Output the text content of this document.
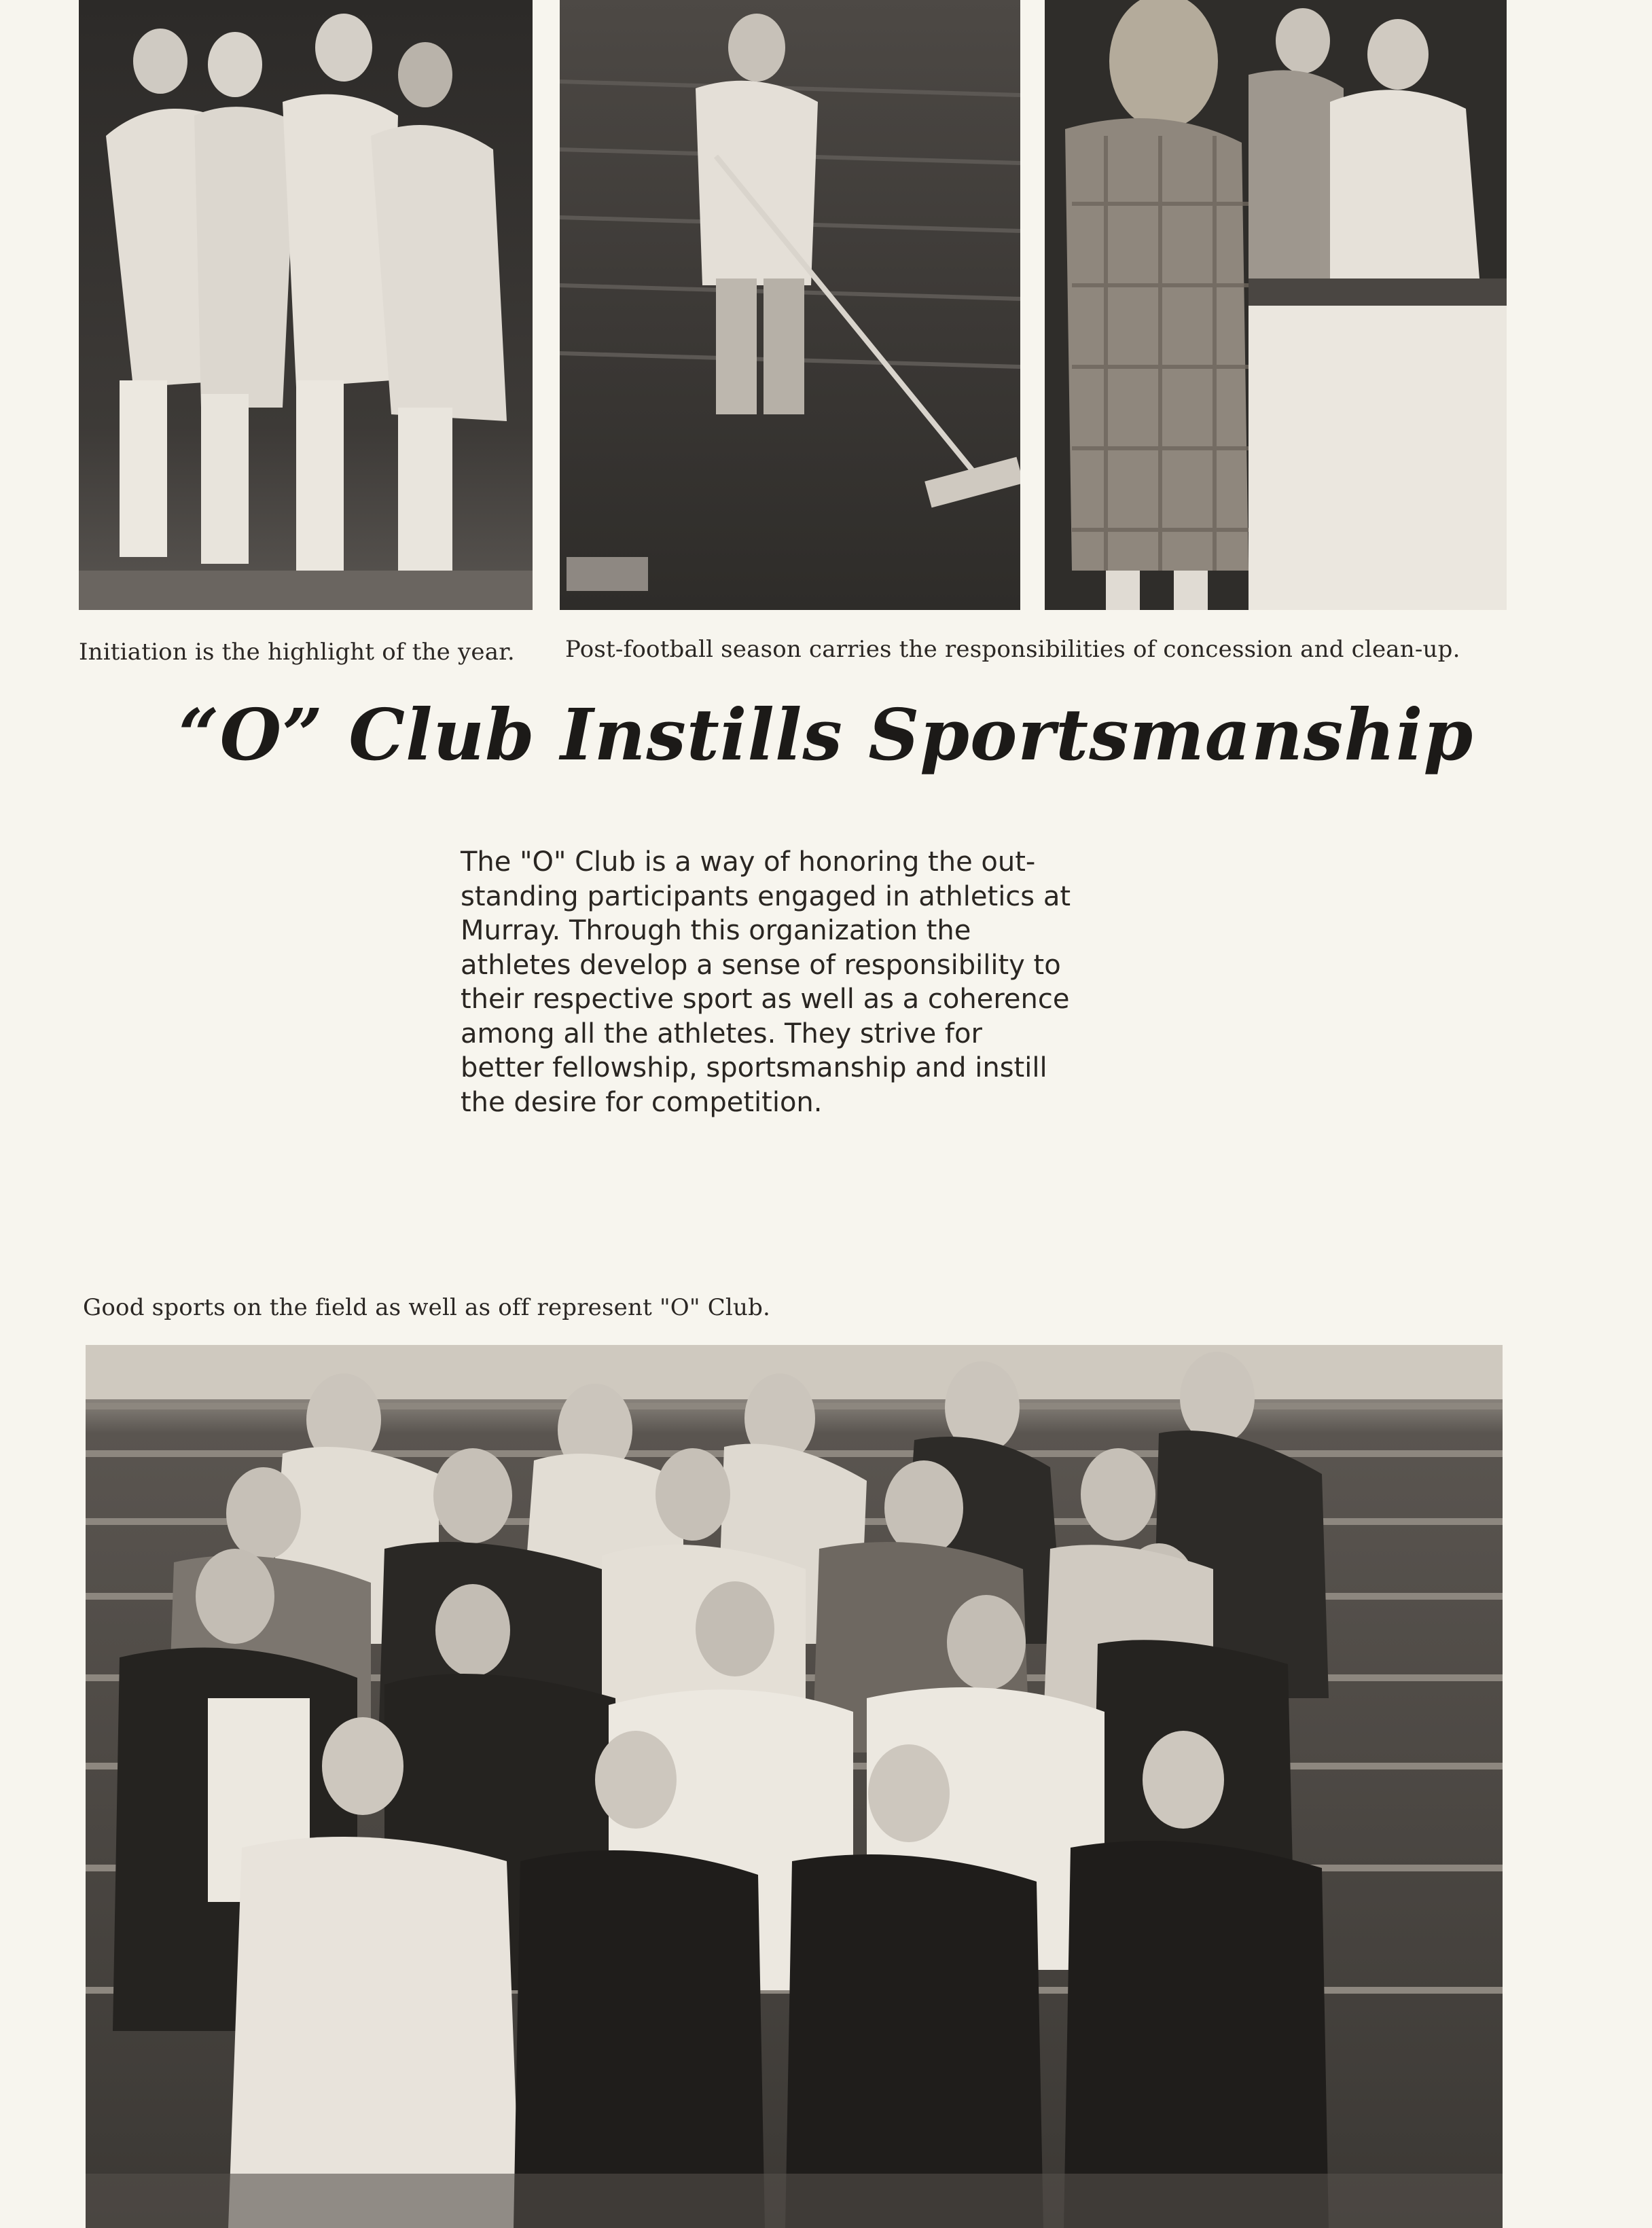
Initiation is the highlight of the year. Post-football season carries the responsibilities of concession and clean-up.
“O” Club Instills Sportsmanship
The "O" Club is a way of honoring the out-
standing participants engaged in athletics at
Murray. Through this organization the
athletes develop a sense of responsibility to
their respective sport as well as a coherence
among all the athletes. They strive for
better fellowship, sportsmanship and instill
the desire for competition.
Good sports on the field as well as off represent "O" Club.
